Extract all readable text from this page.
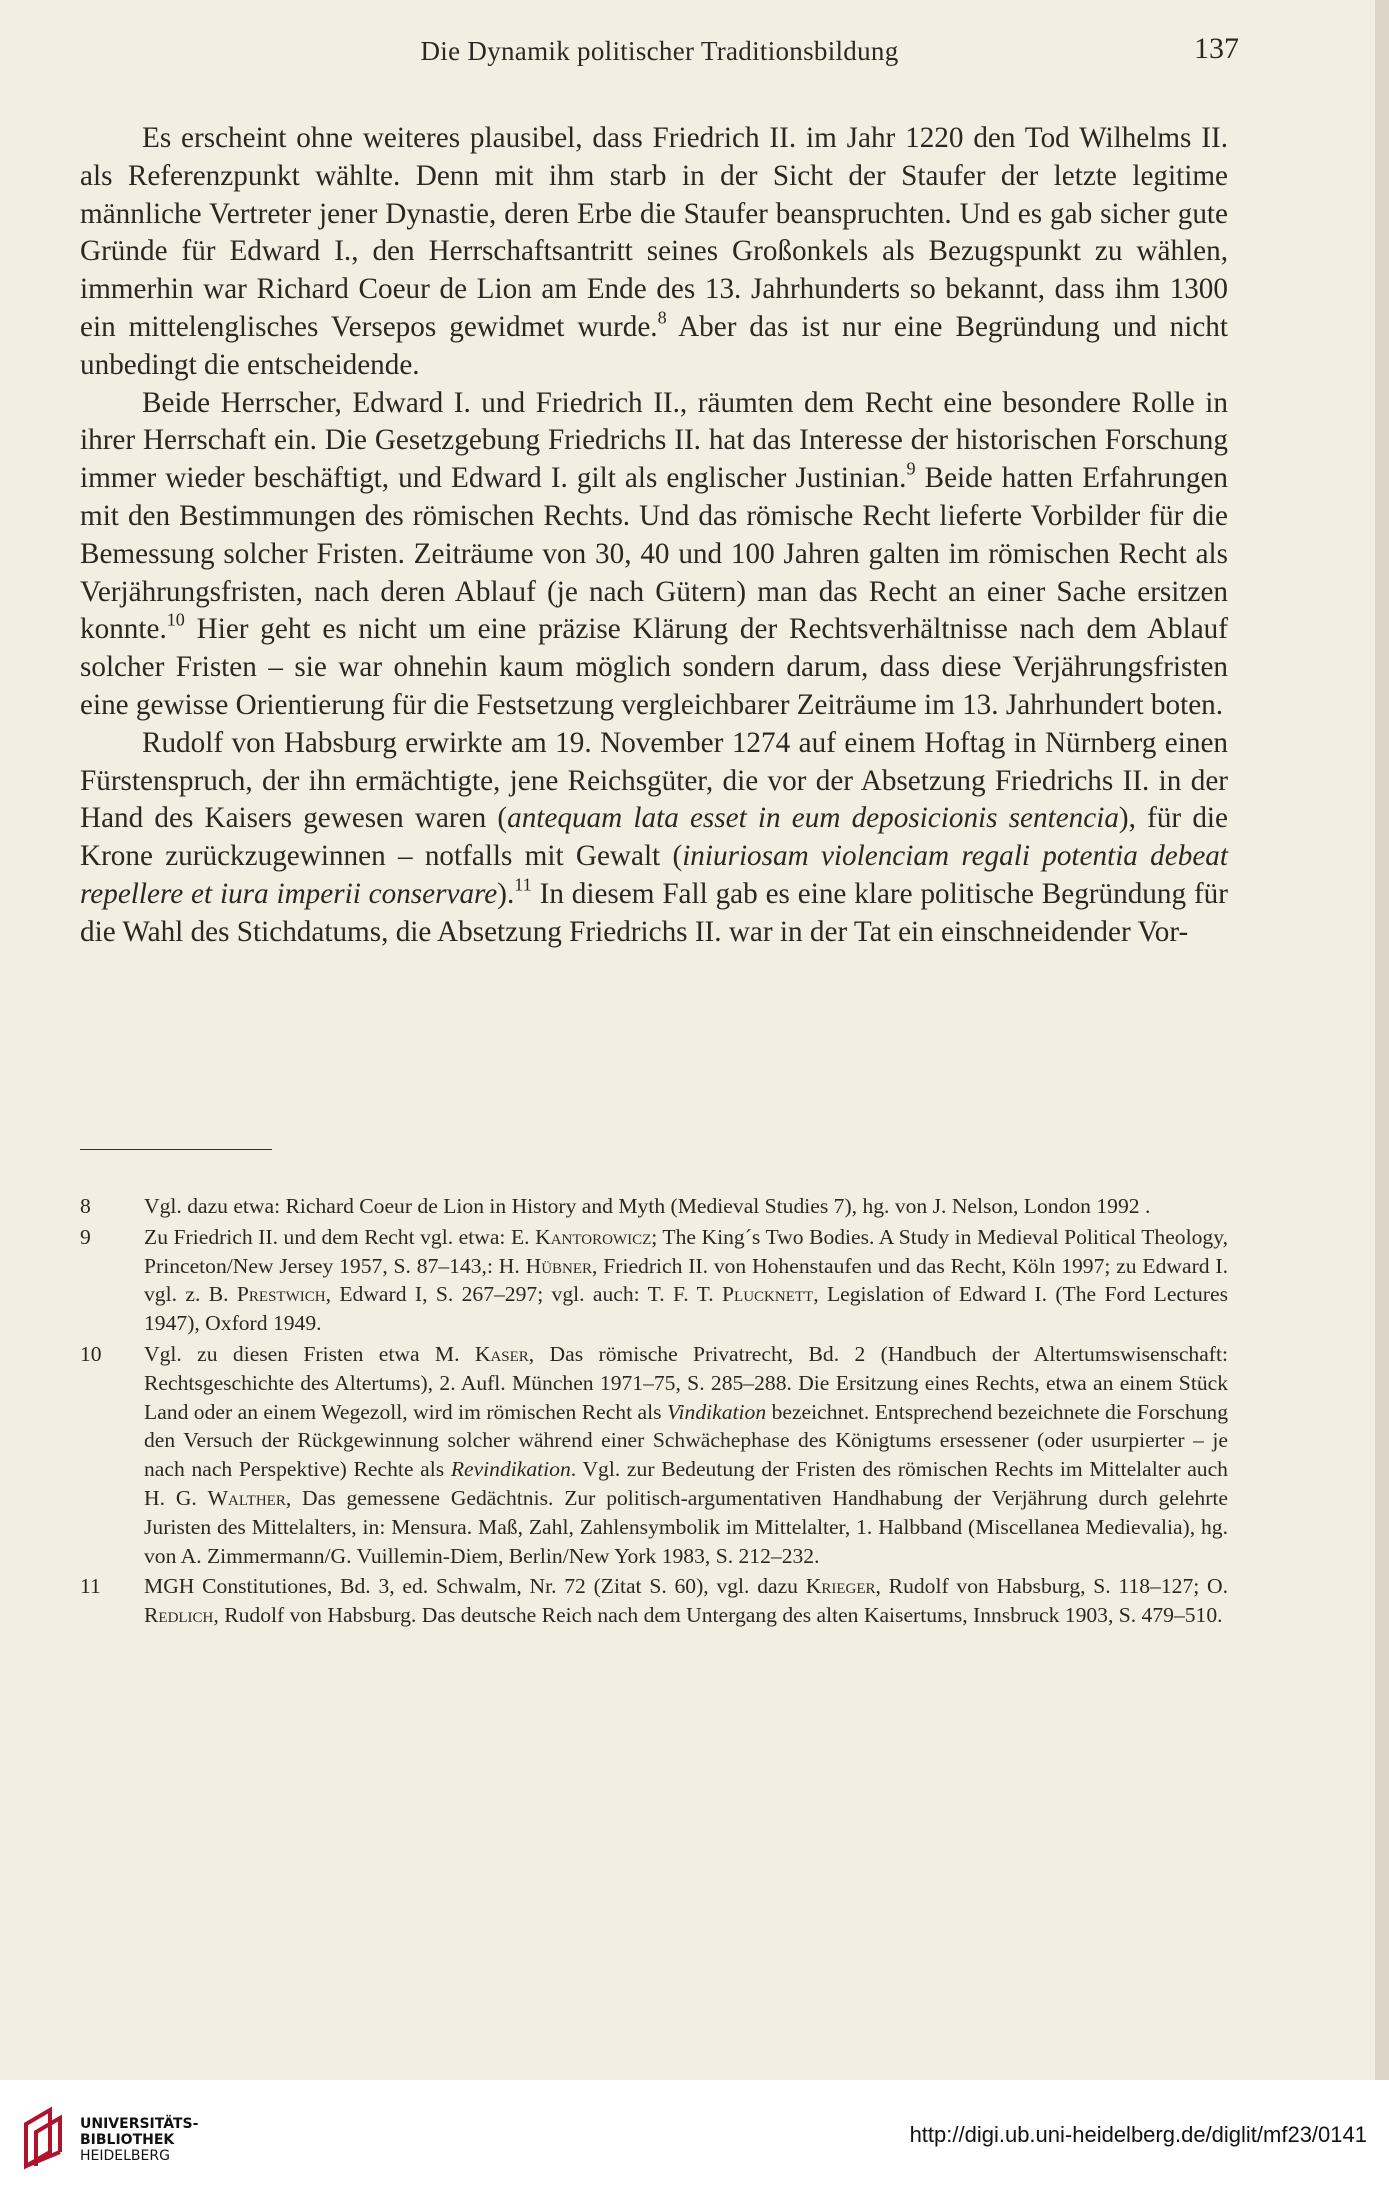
Die Dynamik politischer Traditionsbildung	137

Es erscheint ohne weiteres plausibel, dass Friedrich II. im Jahr 1220 den Tod Wilhelms II. als Referenzpunkt wählte. Denn mit ihm starb in der Sicht der Staufer der letzte legitime männliche Vertreter jener Dynastie, deren Erbe die Staufer beanspruchten. Und es gab sicher gute Gründe für Edward I., den Herrschaftsantritt seines Großonkels als Bezugspunkt zu wählen, immerhin war Richard Coeur de Lion am Ende des 13. Jahrhunderts so bekannt, dass ihm 1300 ein mittelenglisches Versepos gewidmet wurde.$^8$ Aber das ist nur eine Begründung und nicht unbedingt die entscheidende.

Beide Herrscher, Edward I. und Friedrich II., räumten dem Recht eine besondere Rolle in ihrer Herrschaft ein. Die Gesetzgebung Friedrichs II. hat das Interesse der historischen Forschung immer wieder beschäftigt, und Edward I. gilt als englischer Justinian.$^9$ Beide hatten Erfahrungen mit den Bestimmungen des römischen Rechts. Und das römische Recht lieferte Vorbilder für die Bemessung solcher Fristen. Zeiträume von 30, 40 und 100 Jahren galten im römischen Recht als Verjährungsfristen, nach deren Ablauf (je nach Gütern) man das Recht an einer Sache ersitzen konnte.$^{10}$ Hier geht es nicht um eine präzise Klärung der Rechtsverhältnisse nach dem Ablauf solcher Fristen – sie war ohnehin kaum möglich sondern darum, dass diese Verjährungsfristen eine gewisse Orientierung für die Festsetzung vergleichbarer Zeiträume im 13. Jahrhundert boten.

Rudolf von Habsburg erwirkte am 19. November 1274 auf einem Hoftag in Nürnberg einen Fürstenspruch, der ihn ermächtigte, jene Reichsgüter, die vor der Absetzung Friedrichs II. in der Hand des Kaisers gewesen waren (antequam lata esset in eum deposicionis sentencia), für die Krone zurückzugewinnen – notfalls mit Gewalt (iniuriosam violenciam regali potentia debeat repellere et iura imperii conservare).$^{11}$ In diesem Fall gab es eine klare politische Begründung für die Wahl des Stichdatums, die Absetzung Friedrichs II. war in der Tat ein einschneidender Vor-

8	Vgl. dazu etwa: Richard Coeur de Lion in History and Myth (Medieval Studies 7), hg. von J. Nelson, London 1992 .
9	Zu Friedrich II. und dem Recht vgl. etwa: E. Kantorowicz; The King´s Two Bodies. A Study in Medieval Political Theology, Princeton/New Jersey 1957, S. 87–143,: H. Hübner, Friedrich II. von Hohenstaufen und das Recht, Köln 1997; zu Edward I. vgl. z. B. Prestwich, Edward I, S. 267–297; vgl. auch: T. F. T. Plucknett, Legislation of Edward I. (The Ford Lectures 1947), Oxford 1949.
10	Vgl. zu diesen Fristen etwa M. Kaser, Das römische Privatrecht, Bd. 2 (Handbuch der Altertumswisenschaft: Rechtsgeschichte des Altertums), 2. Aufl. München 1971–75, S. 285–288. Die Ersitzung eines Rechts, etwa an einem Stück Land oder an einem Wegezoll, wird im römischen Recht als Vindikation bezeichnet. Entsprechend bezeichnete die Forschung den Versuch der Rückgewinnung solcher während einer Schwächephase des Königtums ersessener (oder usurpierter – je nach nach Perspektive) Rechte als Revindikation. Vgl. zur Bedeutung der Fristen des römischen Rechts im Mittelalter auch H. G. Walther, Das gemessene Gedächtnis. Zur politisch-argumentativen Handhabung der Verjährung durch gelehrte Juristen des Mittelalters, in: Mensura. Maß, Zahl, Zahlensymbolik im Mittelalter, 1. Halbband (Miscellanea Medievalia), hg. von A. Zimmermann/G. Vuillemin-Diem, Berlin/New York 1983, S. 212–232.
11	MGH Constitutiones, Bd. 3, ed. Schwalm, Nr. 72 (Zitat S. 60), vgl. dazu Krieger, Rudolf von Habsburg, S. 118–127; O. Redlich, Rudolf von Habsburg. Das deutsche Reich nach dem Untergang des alten Kaisertums, Innsbruck 1903, S. 479–510.
UNIVERSITÄTS-
BIBLIOTHEK
HEIDELBERG
http://digi.ub.uni-heidelberg.de/diglit/mf23/0141
